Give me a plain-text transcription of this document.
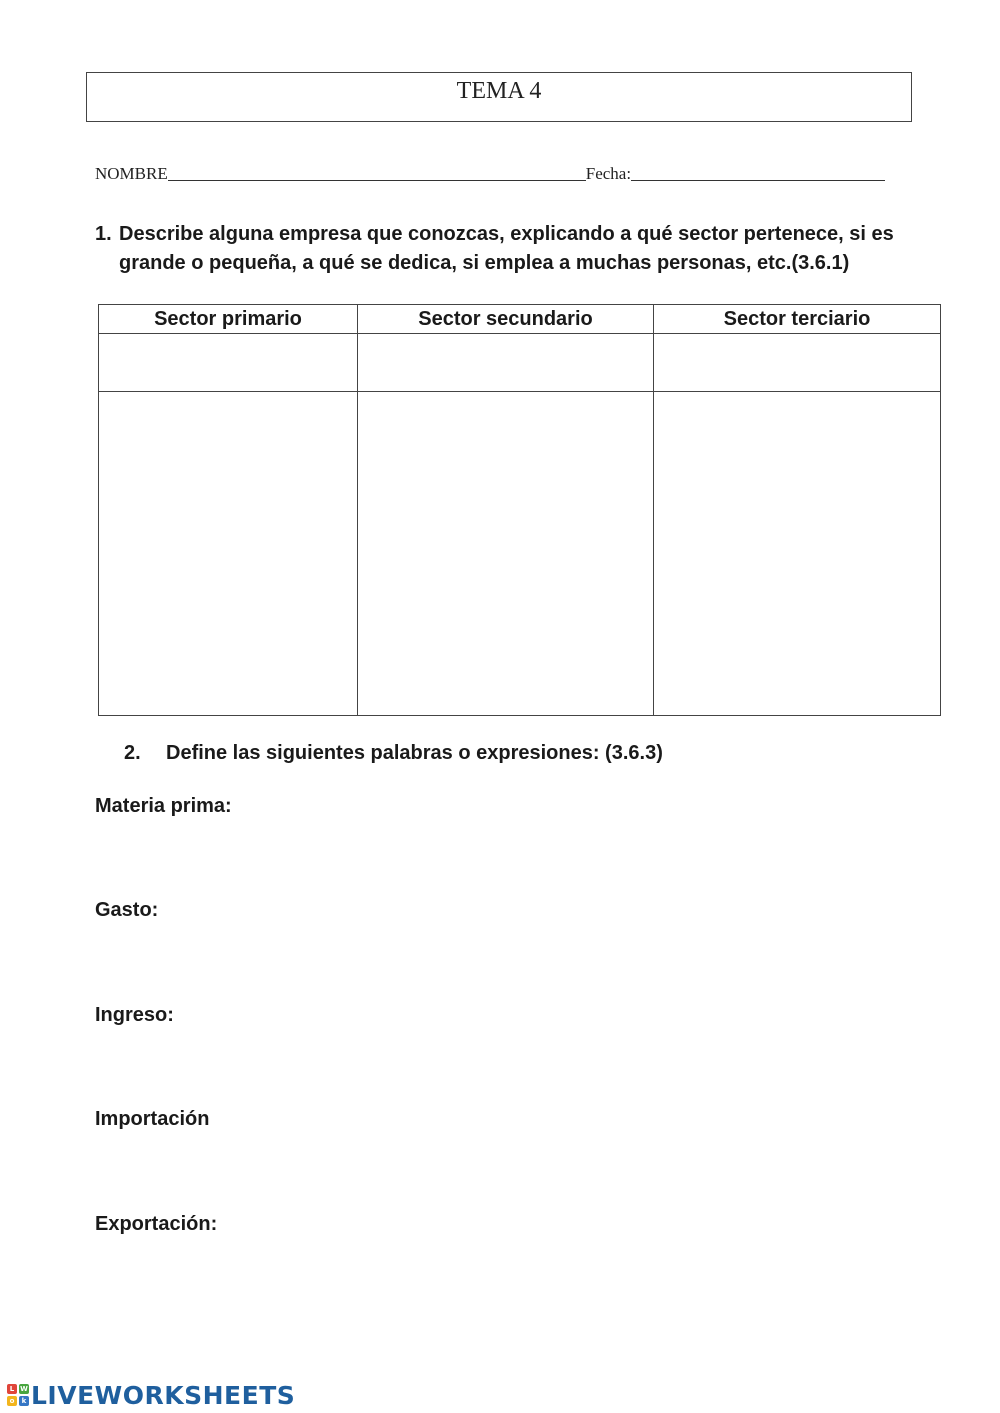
TEMA 4
NOMBRE	Fecha:
1. Describe alguna empresa que conozcas, explicando a qué sector pertenece, si es
grande o pequeña, a qué se dedica, si emplea a muchas personas, etc.(3.6.1)
Sector primario	Sector secundario	Sector terciario

2. Define las siguientes palabras o expresiones: (3.6.3)
Materia prima:
Gasto:
Ingreso:
Importación
Exportación:
L W
o	k LIVEWORKSHEETS
